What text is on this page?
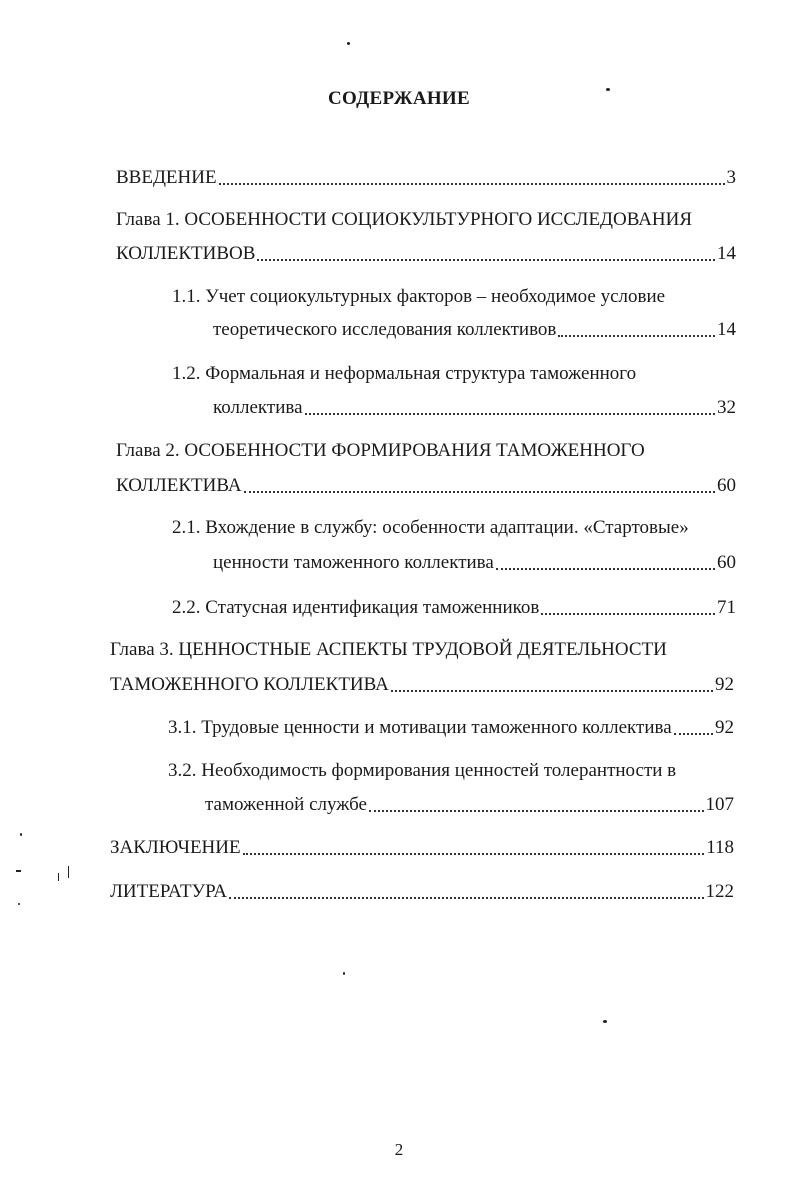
СОДЕРЖАНИЕ
ВВЕДЕНИЕ	3
Глава 1. ОСОБЕННОСТИ СОЦИОКУЛЬТУРНОГО ИССЛЕДОВАНИЯ
КОЛЛЕКТИВОВ	14
1.1. Учет социокультурных факторов – необходимое условие
теоретического исследования коллективов	14
1.2. Формальная и неформальная структура таможенного
коллектива	32
Глава 2. ОСОБЕННОСТИ ФОРМИРОВАНИЯ ТАМОЖЕННОГО
КОЛЛЕКТИВА	60
2.1. Вхождение в службу: особенности адаптации. «Стартовые»
ценности таможенного коллектива	60
2.2. Статусная идентификация таможенников	71
Глава 3. ЦЕННОСТНЫЕ АСПЕКТЫ ТРУДОВОЙ ДЕЯТЕЛЬНОСТИ
ТАМОЖЕННОГО КОЛЛЕКТИВА	92
3.1. Трудовые ценности и мотивации таможенного коллектива 92
3.2. Необходимость формирования ценностей толерантности в
таможенной службе	107
ЗАКЛЮЧЕНИЕ	118
ЛИТЕРАТУРА	122
2
